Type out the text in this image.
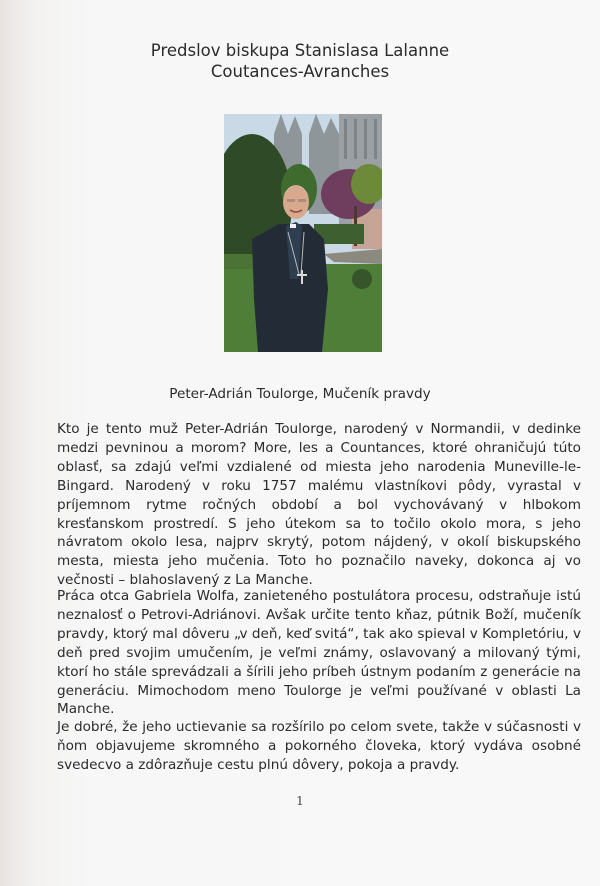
Predslov biskupa Stanislasa Lalanne
Coutances-Avranches
Peter-Adrián Toulorge, Mučeník pravdy

Kto je tento muž Peter-Adrián Toulorge, narodený v Normandii, v dedinke medzi pevninou a morom? More, les a Countances, ktoré ohraničujú túto oblasť, sa zdajú veľmi vzdialené od miesta jeho narodenia Muneville-le-Bingard. Narodený v roku 1757 malému vlastníkovi pôdy, vyrastal v príjemnom rytme ročných období a bol vychovávaný v hlbokom kresťanskom prostredí. S jeho útekom sa to točilo okolo mora, s jeho návratom okolo lesa, najprv skrytý, potom nájdený, v okolí biskupského mesta, miesta jeho mučenia. Toto ho poznačilo naveky, dokonca aj vo večnosti – blahoslavený z La Manche.

Práca otca Gabriela Wolfa, zanieteného postulátora procesu, odstraňuje istú neznalosť o Petrovi-Adriánovi. Avšak určite tento kňaz, pútnik Boží, mučeník pravdy, ktorý mal dôveru „v deň, keď svitá“, tak ako spieval v Kompletóriu, v deň pred svojim umučením, je veľmi známy, oslavovaný a milovaný tými, ktorí ho stále sprevádzali a šírili jeho príbeh ústnym podaním z generácie na generáciu. Mimochodom meno Toulorge je veľmi používané v oblasti La Manche.

Je dobré, že jeho uctievanie sa rozšírilo po celom svete, takže v súčasnosti v ňom objavujeme skromného a pokorného človeka, ktorý vydáva osobné svedecvo a zdôrazňuje cestu plnú dôvery, pokoja a pravdy.

1
